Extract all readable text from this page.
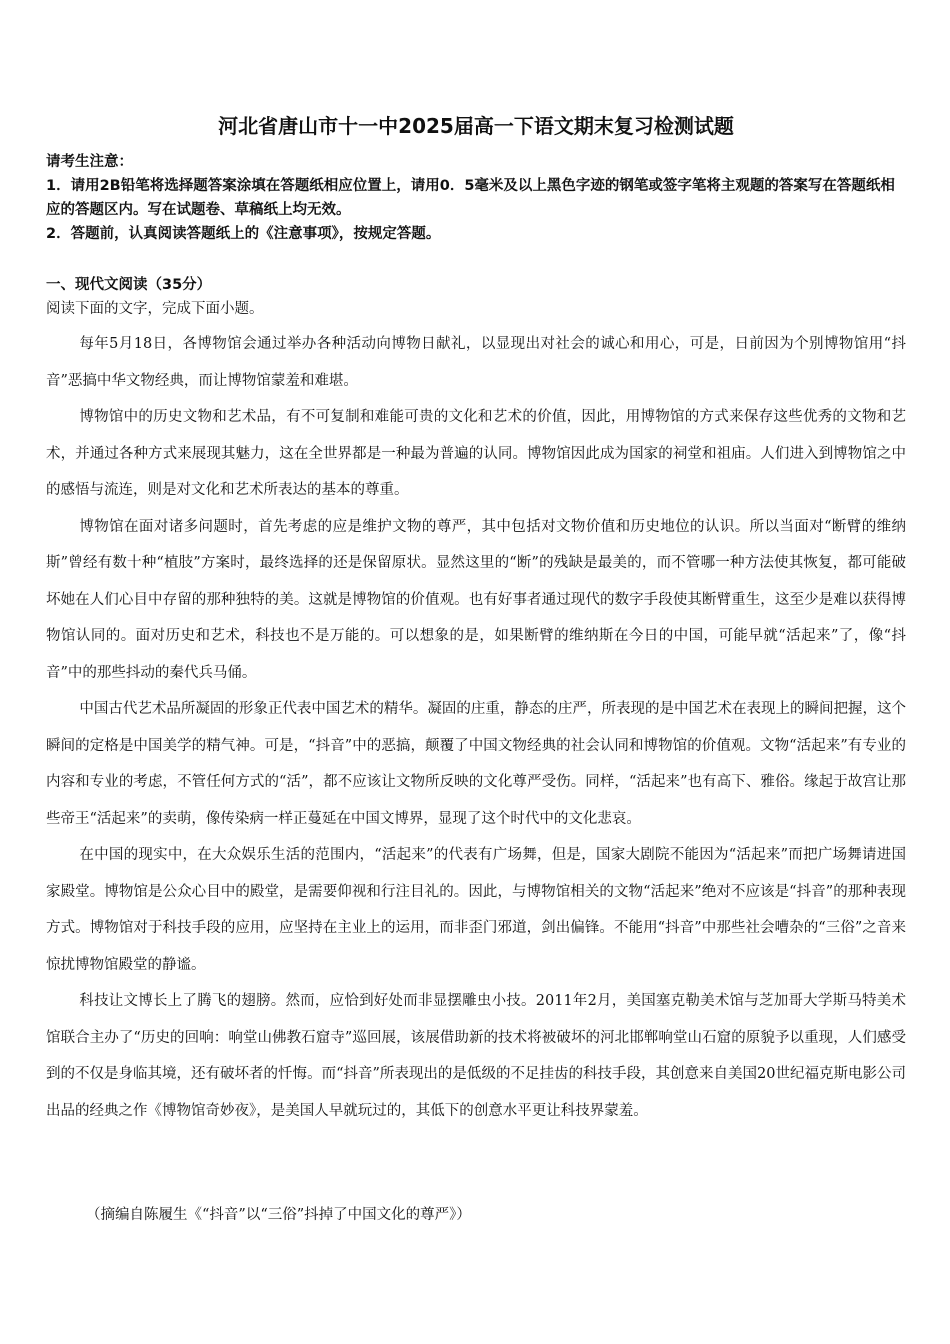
河北省唐山市十一中2025届高一下语文期末复习检测试题
请考生注意：
1．请用2B铅笔将选择题答案涂填在答题纸相应位置上，请用0．5毫米及以上黑色字迹的钢笔或签字笔将主观题的答案写在答题纸相应的答题区内。写在试题卷、草稿纸上均无效。
2．答题前，认真阅读答题纸上的《注意事项》，按规定答题。
一、现代文阅读（35分）
阅读下面的文字，完成下面小题。

每年5月18日，各博物馆会通过举办各种活动向博物日献礼，以显现出对社会的诚心和用心，可是，日前因为个别博物馆用“抖音”恶搞中华文物经典，而让博物馆蒙羞和难堪。

博物馆中的历史文物和艺术品，有不可复制和难能可贵的文化和艺术的价值，因此，用博物馆的方式来保存这些优秀的文物和艺术，并通过各种方式来展现其魅力，这在全世界都是一种最为普遍的认同。博物馆因此成为国家的祠堂和祖庙。人们进入到博物馆之中的感悟与流连，则是对文化和艺术所表达的基本的尊重。

博物馆在面对诸多问题时，首先考虑的应是维护文物的尊严，其中包括对文物价值和历史地位的认识。所以当面对“断臂的维纳斯”曾经有数十种“植肢”方案时，最终选择的还是保留原状。显然这里的“断”的残缺是最美的，而不管哪一种方法使其恢复，都可能破坏她在人们心目中存留的那种独特的美。这就是博物馆的价值观。也有好事者通过现代的数字手段使其断臂重生，这至少是难以获得博物馆认同的。面对历史和艺术，科技也不是万能的。可以想象的是，如果断臂的维纳斯在今日的中国，可能早就“活起来”了，像“抖音”中的那些抖动的秦代兵马俑。

中国古代艺术品所凝固的形象正代表中国艺术的精华。凝固的庄重，静态的庄严，所表现的是中国艺术在表现上的瞬间把握，这个瞬间的定格是中国美学的精气神。可是，“抖音”中的恶搞，颠覆了中国文物经典的社会认同和博物馆的价值观。文物“活起来”有专业的内容和专业的考虑，不管任何方式的“活”，都不应该让文物所反映的文化尊严受伤。同样，“活起来”也有高下、雅俗。缘起于故宫让那些帝王“活起来”的卖萌，像传染病一样正蔓延在中国文博界，显现了这个时代中的文化悲哀。

在中国的现实中，在大众娱乐生活的范围内，“活起来”的代表有广场舞，但是，国家大剧院不能因为“活起来”而把广场舞请进国家殿堂。博物馆是公众心目中的殿堂，是需要仰视和行注目礼的。因此，与博物馆相关的文物“活起来”绝对不应该是“抖音”的那种表现方式。博物馆对于科技手段的应用，应坚持在主业上的运用，而非歪门邪道，剑出偏锋。不能用“抖音”中那些社会嘈杂的“三俗”之音来惊扰博物馆殿堂的静谧。

科技让文博长上了腾飞的翅膀。然而，应恰到好处而非显摆雕虫小技。2011年2月，美国塞克勒美术馆与芝加哥大学斯马特美术馆联合主办了“历史的回响：响堂山佛教石窟寺”巡回展，该展借助新的技术将被破坏的河北邯郸响堂山石窟的原貌予以重现，人们感受到的不仅是身临其境，还有破坏者的忏悔。而“抖音”所表现出的是低级的不足挂齿的科技手段，其创意来自美国20世纪福克斯电影公司出品的经典之作《博物馆奇妙夜》，是美国人早就玩过的，其低下的创意水平更让科技界蒙羞。

（摘编自陈履生《“抖音”以“三俗”抖掉了中国文化的尊严》）
